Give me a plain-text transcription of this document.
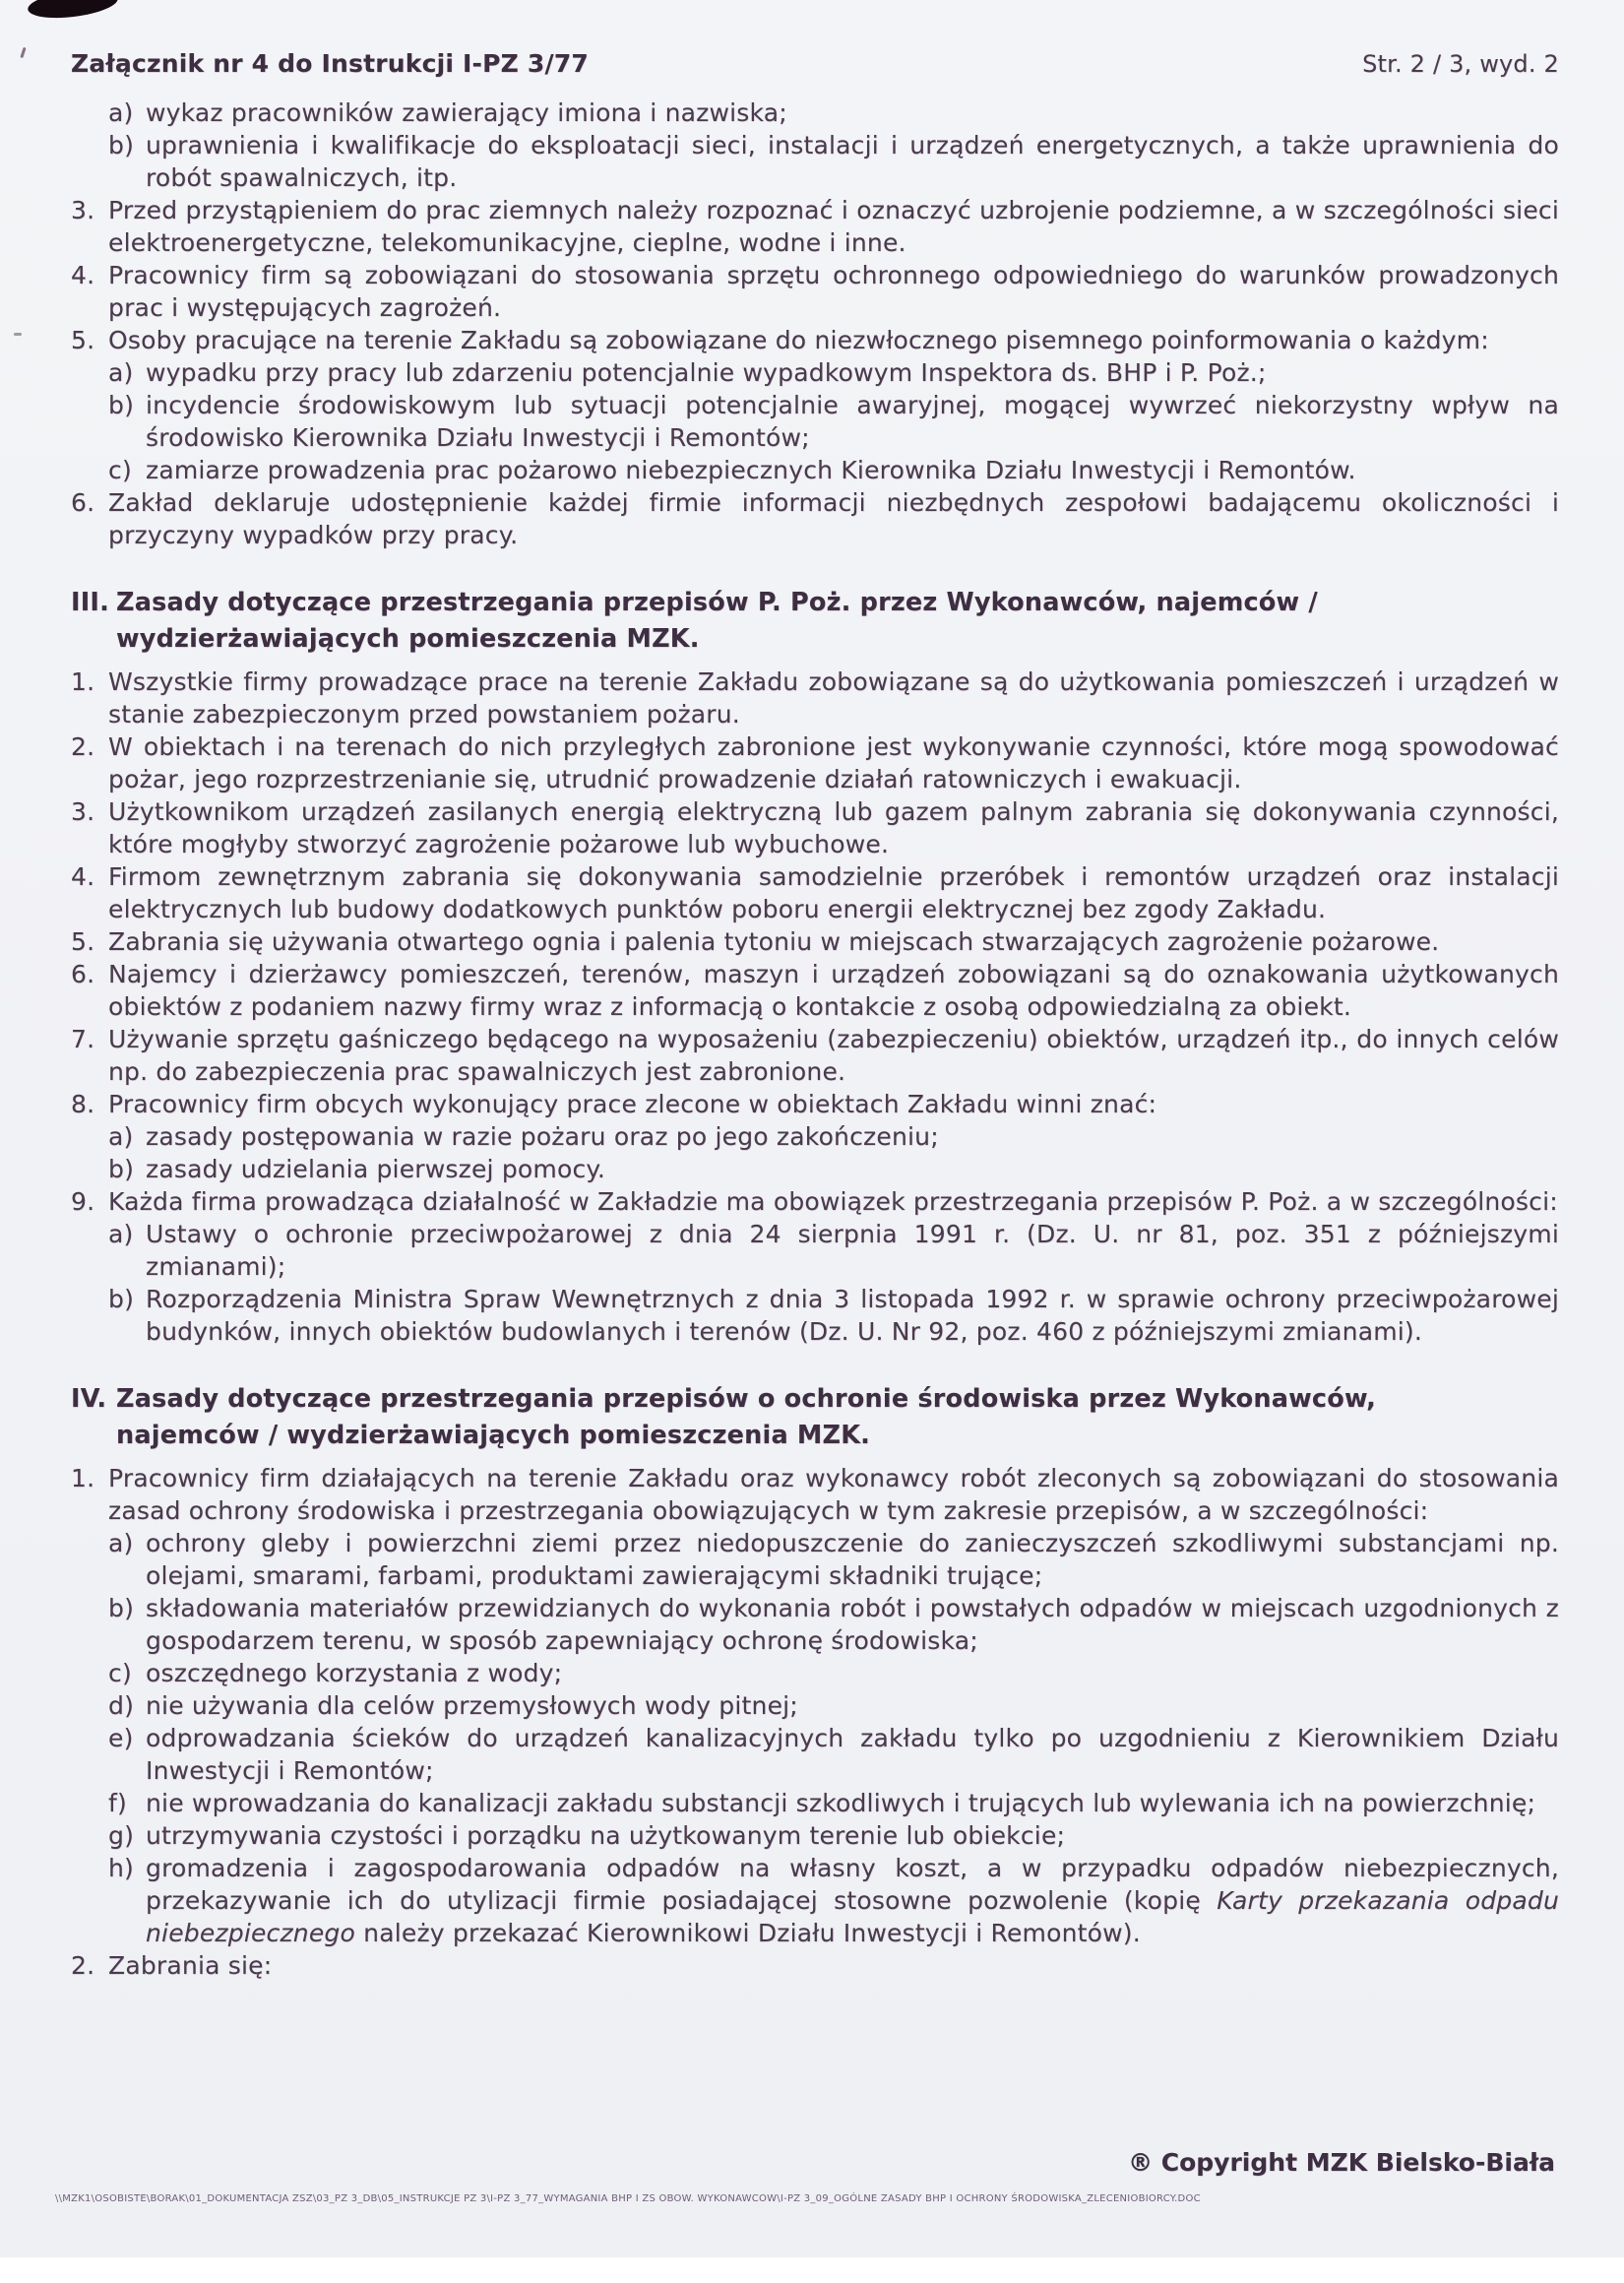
Załącznik nr 4 do Instrukcji I-PZ 3/77	Str. 2 / 3, wyd. 2
a) wykaz pracowników zawierający imiona i nazwiska;
b) uprawnienia i kwalifikacje do eksploatacji sieci, instalacji i urządzeń energetycznych, a także uprawnienia do robót spawalniczych, itp.
3. Przed przystąpieniem do prac ziemnych należy rozpoznać i oznaczyć uzbrojenie podziemne, a w szczególności sieci elektroenergetyczne, telekomunikacyjne, cieplne, wodne i inne.
4. Pracownicy firm są zobowiązani do stosowania sprzętu ochronnego odpowiedniego do warunków prowadzonych prac i występujących zagrożeń.
5. Osoby pracujące na terenie Zakładu są zobowiązane do niezwłocznego pisemnego poinformowania o każdym:
a) wypadku przy pracy lub zdarzeniu potencjalnie wypadkowym Inspektora ds. BHP i P. Poż.;
b) incydencie środowiskowym lub sytuacji potencjalnie awaryjnej, mogącej wywrzeć niekorzystny wpływ na środowisko Kierownika Działu Inwestycji i Remontów;
c) zamiarze prowadzenia prac pożarowo niebezpiecznych Kierownika Działu Inwestycji i Remontów.
6. Zakład deklaruje udostępnienie każdej firmie informacji niezbędnych zespołowi badającemu okoliczności i przyczyny wypadków przy pracy.
III. Zasady dotyczące przestrzegania przepisów P. Poż. przez Wykonawców, najemców /
wydzierżawiających pomieszczenia MZK.
1. Wszystkie firmy prowadzące prace na terenie Zakładu zobowiązane są do użytkowania pomieszczeń i urządzeń w stanie zabezpieczonym przed powstaniem pożaru.
2. W obiektach i na terenach do nich przyległych zabronione jest wykonywanie czynności, które mogą spowodować pożar, jego rozprzestrzenianie się, utrudnić prowadzenie działań ratowniczych i ewakuacji.
3. Użytkownikom urządzeń zasilanych energią elektryczną lub gazem palnym zabrania się dokonywania czynności, które mogłyby stworzyć zagrożenie pożarowe lub wybuchowe.
4. Firmom zewnętrznym zabrania się dokonywania samodzielnie przeróbek i remontów urządzeń oraz instalacji elektrycznych lub budowy dodatkowych punktów poboru energii elektrycznej bez zgody Zakładu.
5. Zabrania się używania otwartego ognia i palenia tytoniu w miejscach stwarzających zagrożenie pożarowe.
6. Najemcy i dzierżawcy pomieszczeń, terenów, maszyn i urządzeń zobowiązani są do oznakowania użytkowanych obiektów z podaniem nazwy firmy wraz z informacją o kontakcie z osobą odpowiedzialną za obiekt.
7. Używanie sprzętu gaśniczego będącego na wyposażeniu (zabezpieczeniu) obiektów, urządzeń itp., do innych celów np. do zabezpieczenia prac spawalniczych jest zabronione.
8. Pracownicy firm obcych wykonujący prace zlecone w obiektach Zakładu winni znać:
a) zasady postępowania w razie pożaru oraz po jego zakończeniu;
b) zasady udzielania pierwszej pomocy.
9. Każda firma prowadząca działalność w Zakładzie ma obowiązek przestrzegania przepisów P. Poż. a w szczególności:
a) Ustawy o ochronie przeciwpożarowej z dnia 24 sierpnia 1991 r. (Dz. U. nr 81, poz. 351 z późniejszymi zmianami);
b) Rozporządzenia Ministra Spraw Wewnętrznych z dnia 3 listopada 1992 r. w sprawie ochrony przeciwpożarowej budynków, innych obiektów budowlanych i terenów (Dz. U. Nr 92, poz. 460 z późniejszymi zmianami).
IV. Zasady dotyczące przestrzegania przepisów o ochronie środowiska przez Wykonawców,
najemców / wydzierżawiających pomieszczenia MZK.
1. Pracownicy firm działających na terenie Zakładu oraz wykonawcy robót zleconych są zobowiązani do stosowania zasad ochrony środowiska i przestrzegania obowiązujących w tym zakresie przepisów, a w szczególności:
a) ochrony gleby i powierzchni ziemi przez niedopuszczenie do zanieczyszczeń szkodliwymi substancjami np. olejami, smarami, farbami, produktami zawierającymi składniki trujące;
b) składowania materiałów przewidzianych do wykonania robót i powstałych odpadów w miejscach uzgodnionych z gospodarzem terenu, w sposób zapewniający ochronę środowiska;
c) oszczędnego korzystania z wody;
d) nie używania dla celów przemysłowych wody pitnej;
e) odprowadzania ścieków do urządzeń kanalizacyjnych zakładu tylko po uzgodnieniu z Kierownikiem Działu Inwestycji i Remontów;
f) nie wprowadzania do kanalizacji zakładu substancji szkodliwych i trujących lub wylewania ich na powierzchnię;
g) utrzymywania czystości i porządku na użytkowanym terenie lub obiekcie;
h) gromadzenia i zagospodarowania odpadów na własny koszt, a w przypadku odpadów niebezpiecznych, przekazywanie ich do utylizacji firmie posiadającej stosowne pozwolenie (kopię Karty przekazania odpadu niebezpiecznego należy przekazać Kierownikowi Działu Inwestycji i Remontów).
2. Zabrania się:
® Copyright MZK Bielsko-Biała
\\MZK1\OSOBISTE\BORAK\01_DOKUMENTACJA ZSZ\03_PZ 3_DB\05_INSTRUKCJE PZ 3\I-PZ 3_77_WYMAGANIA BHP I ZS OBOW. WYKONAWCOW\I-PZ 3_09_OGÓLNE ZASADY BHP I OCHRONY ŚRODOWISKA_ZLECENIOBIORCY.DOC
